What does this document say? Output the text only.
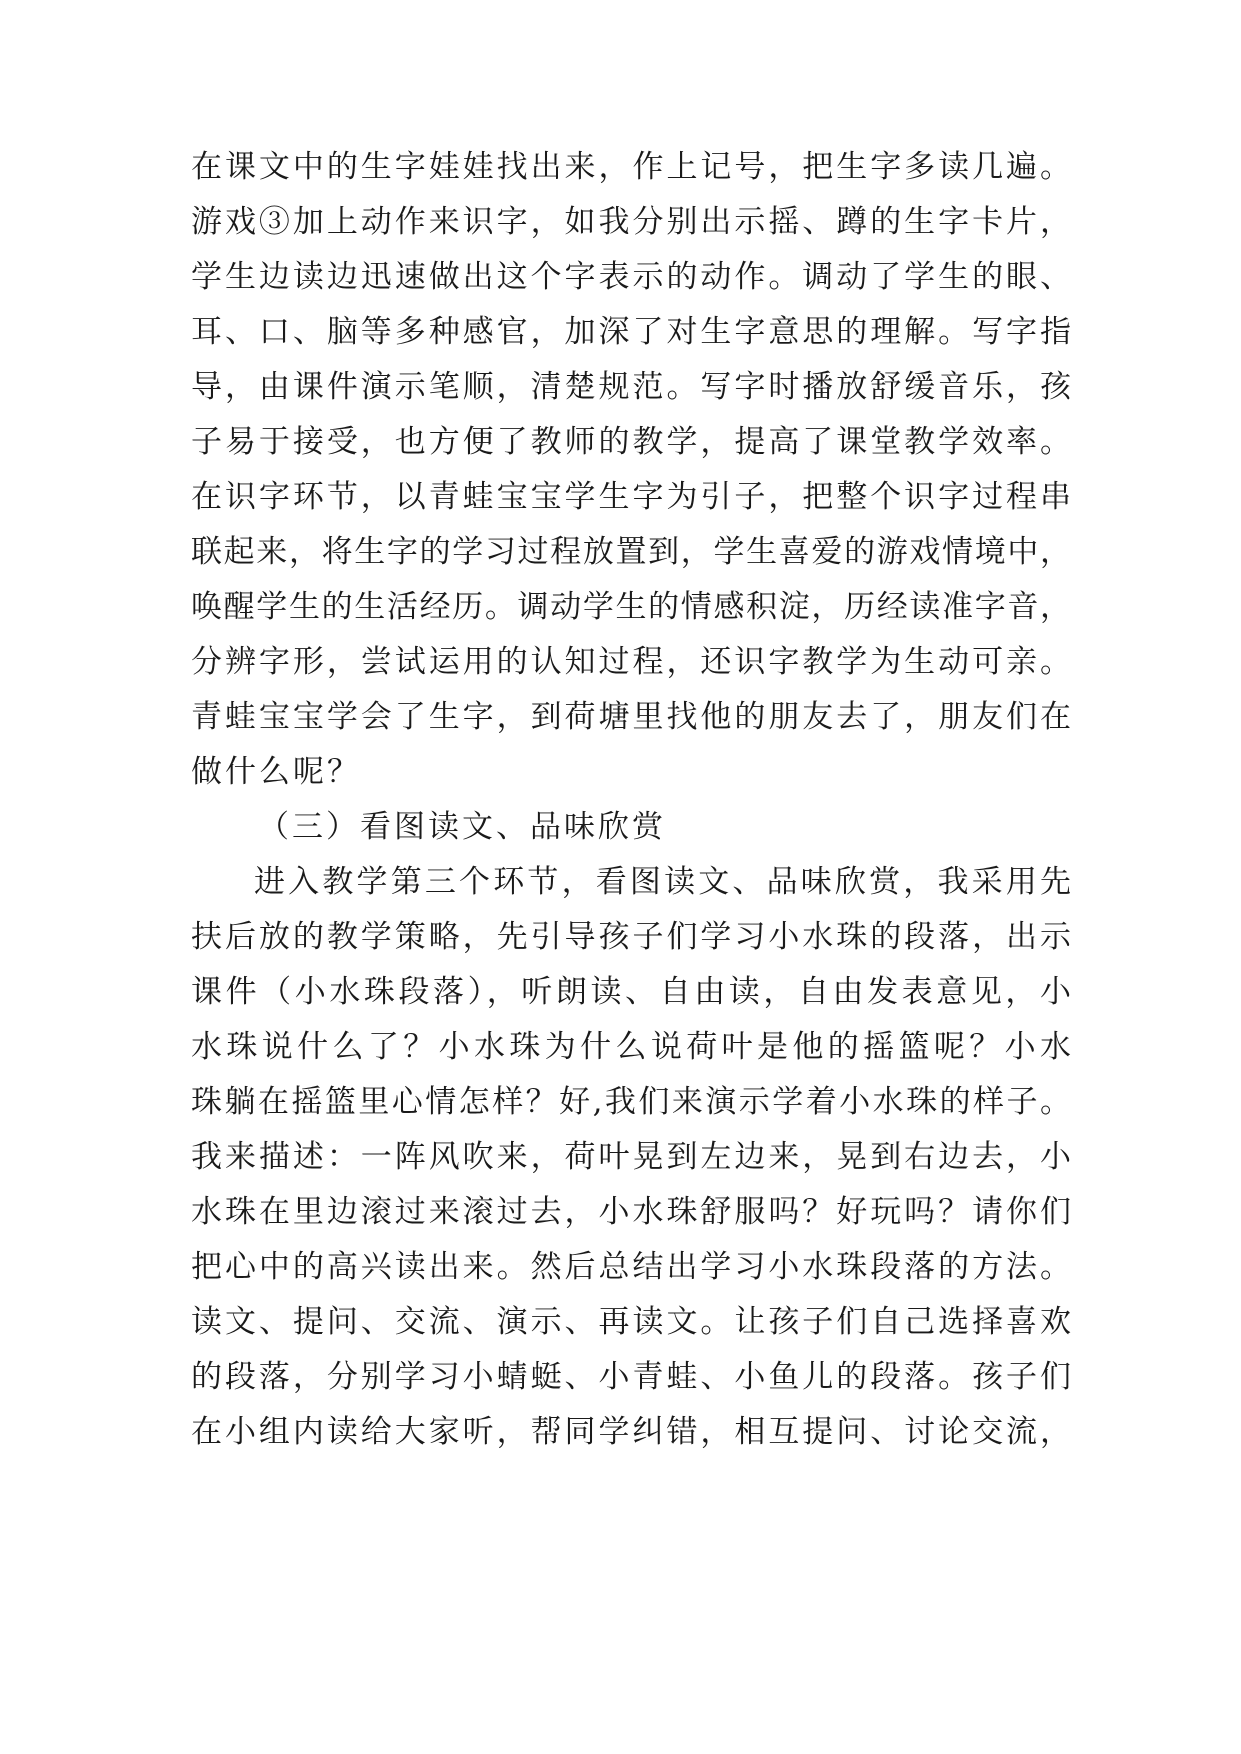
在课文中的生字娃娃找出来，作上记号，把生字多读几遍。
游戏③加上动作来识字，如我分别出示摇、蹲的生字卡片，
学生边读边迅速做出这个字表示的动作。调动了学生的眼、
耳、口、脑等多种感官，加深了对生字意思的理解。写字指
导，由课件演示笔顺，清楚规范。写字时播放舒缓音乐，孩
子易于接受，也方便了教师的教学，提高了课堂教学效率。
在识字环节，以青蛙宝宝学生字为引子，把整个识字过程串
联起来，将生字的学习过程放置到，学生喜爱的游戏情境中，
唤醒学生的生活经历。调动学生的情感积淀，历经读准字音，
分辨字形，尝试运用的认知过程，还识字教学为生动可亲。
青蛙宝宝学会了生字，到荷塘里找他的朋友去了，朋友们在
做什么呢？
（三）看图读文、品味欣赏
进入教学第三个环节，看图读文、品味欣赏，我采用先
扶后放的教学策略，先引导孩子们学习小水珠的段落，出示
课件（小水珠段落），听朗读、自由读，自由发表意见，小
水珠说什么了？小水珠为什么说荷叶是他的摇篮呢？小水
珠躺在摇篮里心情怎样？好,我们来演示学着小水珠的样子。
我来描述：一阵风吹来，荷叶晃到左边来，晃到右边去，小
水珠在里边滚过来滚过去，小水珠舒服吗？好玩吗？请你们
把心中的高兴读出来。然后总结出学习小水珠段落的方法。
读文、提问、交流、演示、再读文。让孩子们自己选择喜欢
的段落，分别学习小蜻蜓、小青蛙、小鱼儿的段落。孩子们
在小组内读给大家听，帮同学纠错，相互提问、讨论交流，
